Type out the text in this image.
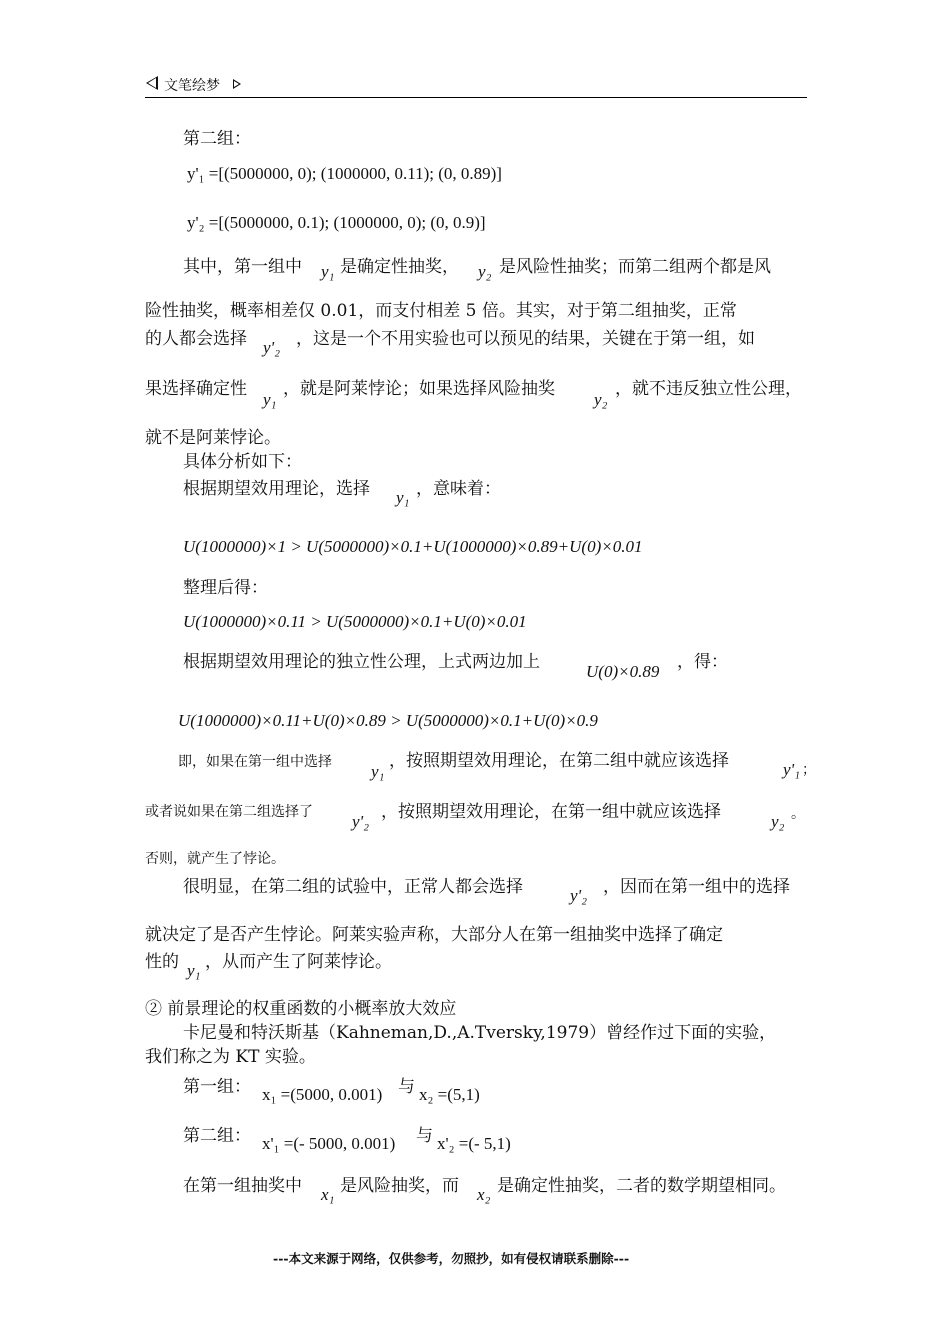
文笔绘梦
第二组：
y'₁ =[(5000000, 0); (1000000, 0.11); (0, 0.89)]
y'₂ =[(5000000, 0.1); (1000000, 0); (0, 0.9)]
其中，第一组中 y₁ 是确定性抽奖， y₂ 是风险性抽奖；而第二组两个都是风
险性抽奖，概率相差仅 0.01，而支付相差 5 倍。其实，对于第二组抽奖，正常
的人都会选择 y'₂ ，这是一个不用实验也可以预见的结果，关键在于第一组，如
果选择确定性
y₁
，就是阿莱悖论；如果选择风险抽奖
y₂
，就不违反独立性公理，
就不是阿莱悖论。
具体分析如下：
根据期望效用理论，选择 y₁ ，意味着：
U(1000000)×1 > U(5000000)×0.1+U(1000000)×0.89+U(0)×0.01
整理后得：
U(1000000)×0.11 > U(5000000)×0.1+U(0)×0.01
根据期望效用理论的独立性公理，上式两边加上	U(0)×0.89 ，得：
U(1000000)×0.11+U(0)×0.89 > U(5000000)×0.1+U(0)×0.9
即，如果在第一组中选择 y₁
，按照期望效用理论，在第二组中就应该选择	y'₁ ；
或者说如果在第二组选择了 y'₂ ，按照期望效用理论，在第一组中就应该选择	y₂ 。
否则，就产生了悖论。
很明显，在第二组的试验中，正常人都会选择	y'₂ ，因而在第一组中的选择
就决定了是否产生悖论。阿莱实验声称，大部分人在第一组抽奖中选择了确定
性的 y₁ ，从而产生了阿莱悖论。
② 前景理论的权重函数的小概率放大效应
卡尼曼和特沃斯基（Kahneman,D.,A.Tversky,1979）曾经作过下面的实验，
我们称之为 KT 实验。
第一组： x₁ =(5000, 0.001) 与 x₂ =(5,1)
第二组： x'₁ =(- 5000, 0.001) 与 x'₂ =(- 5,1)
在第一组抽奖中 x₁ 是风险抽奖，而 x₂ 是确定性抽奖，二者的数学期望相同。
---本文来源于网络，仅供参考，勿照抄，如有侵权请联系删除---
